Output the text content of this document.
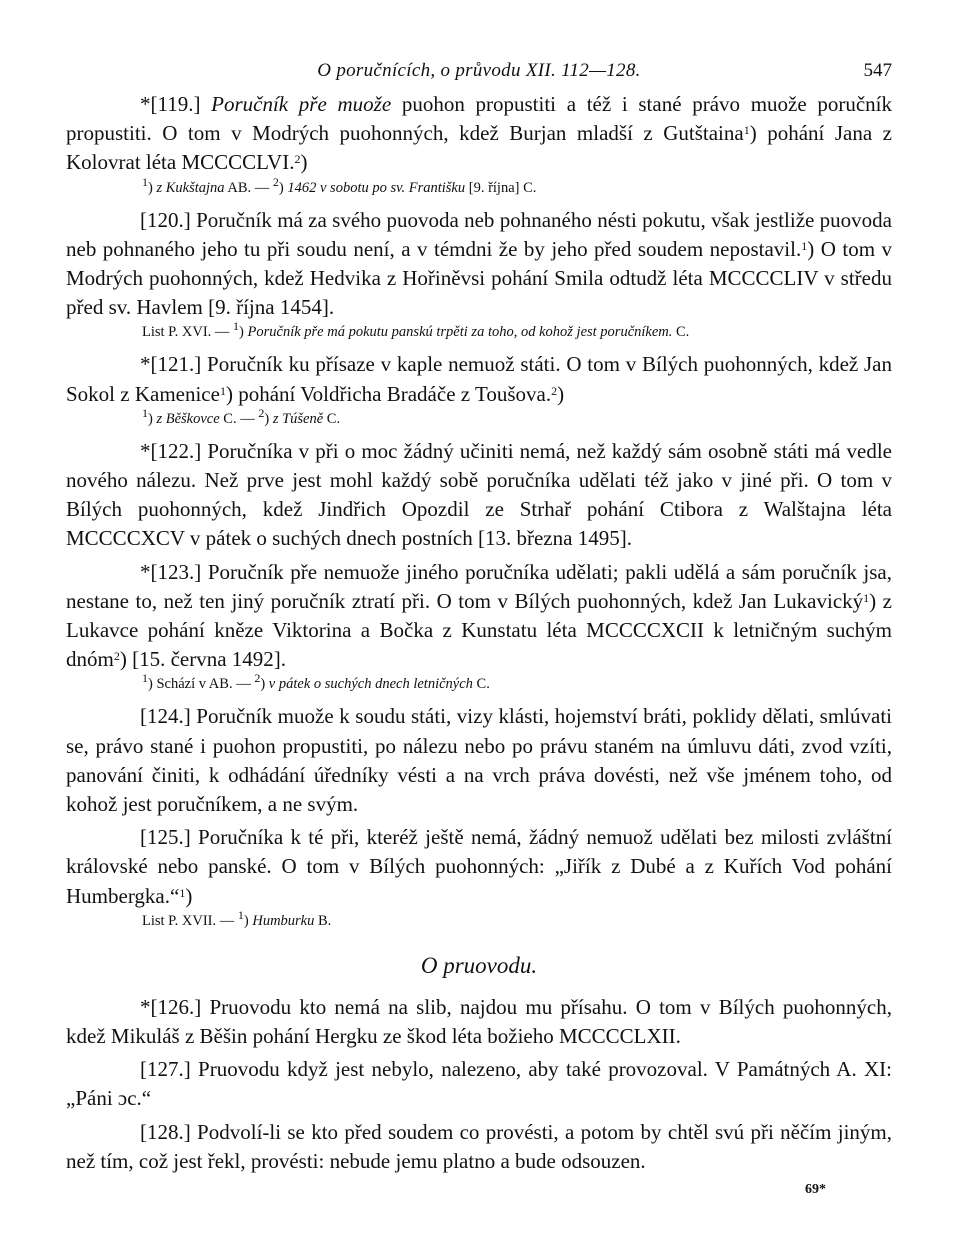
O poručnících, o průvodu XII. 112—128.	547

*[119.] Poručník pře muože puohon propustiti a též i stané právo muože poručník propustiti. O tom v Modrých puohonných, kdež Burjan mladší z Gutštaina$^1$) pohání Jana z Kolovrat léta MCCCCLVI.$^2$)

$^1$) z Kukštajna AB. — $^2$) 1462 v sobotu po sv. Františku [9. října] C.

[120.] Poručník má za svého puovoda neb pohnaného nésti pokutu, však jestliže puovoda neb pohnaného jeho tu při soudu není, a v témdni že by jeho před soudem nepostavil.$^1$) O tom v Modrých puohonných, kdež Hedvika z Hořiněvsi pohání Smila odtudž léta MCCCCLIV v středu před sv. Havlem [9. října 1454].

List P. XVI. — $^1$) Poručník pře má pokutu panskú trpěti za toho, od kohož jest poručníkem. C.

*[121.] Poručník ku přísaze v kaple nemuož státi. O tom v Bílých puohonných, kdež Jan Sokol z Kamenice$^1$) pohání Voldřicha Bradáče z Toušova.$^2$)

$^1$) z Běškovce C. — $^2$) z Túšeně C.

*[122.] Poručníka v při o moc žádný učiniti nemá, než každý sám osobně státi má vedle nového nálezu. Než prve jest mohl každý sobě poručníka udělati též jako v jiné při. O tom v Bílých puohonných, kdež Jindřich Opozdil ze Strhař pohání Ctibora z Walštajna léta MCCCCXCV v pátek o suchých dnech postních [13. března 1495].

*[123.] Poručník pře nemuože jiného poručníka udělati; pakli udělá a sám poručník jsa, nestane to, než ten jiný poručník ztratí při. O tom v Bílých puohonných, kdež Jan Lukavický$^1$) z Lukavce pohání kněze Viktorina a Bočka z Kunstatu léta MCCCCXCII k letničným suchým dnóm$^2$) [15. června 1492].

$^1$) Schází v AB. — $^2$) v pátek o suchých dnech letničných C.

[124.] Poručník muože k soudu státi, vizy klásti, hojemství bráti, poklidy dělati, smlúvati se, právo stané i puohon propustiti, po nálezu nebo po právu staném na úmluvu dáti, zvod vzíti, panování činiti, k odhádání úředníky vésti a na vrch práva dovésti, než vše jménem toho, od kohož jest poručníkem, a ne svým.

[125.] Poručníka k té při, kteréž ještě nemá, žádný nemuož udělati bez milosti zvláštní královské nebo panské. O tom v Bílých puohonných: „Jiřík z Dubé a z Kuřích Vod pohání Humbergka.“$^1$)

List P. XVII. — $^1$) Humburku B.

O pruovodu.

*[126.] Pruovodu kto nemá na slib, najdou mu přísahu. O tom v Bílých puohonných, kdež Mikuláš z Běšin pohání Hergku ze škod léta božieho MCCCCLXII.

[127.] Pruovodu když jest nebylo, nalezeno, aby také provozoval. V Památných A. XI: „Páni ɔc.“

[128.] Podvolí-li se kto před soudem co provésti, a potom by chtěl svú při něčím jiným, než tím, což jest řekl, provésti: nebude jemu platno a bude odsouzen.

69*
